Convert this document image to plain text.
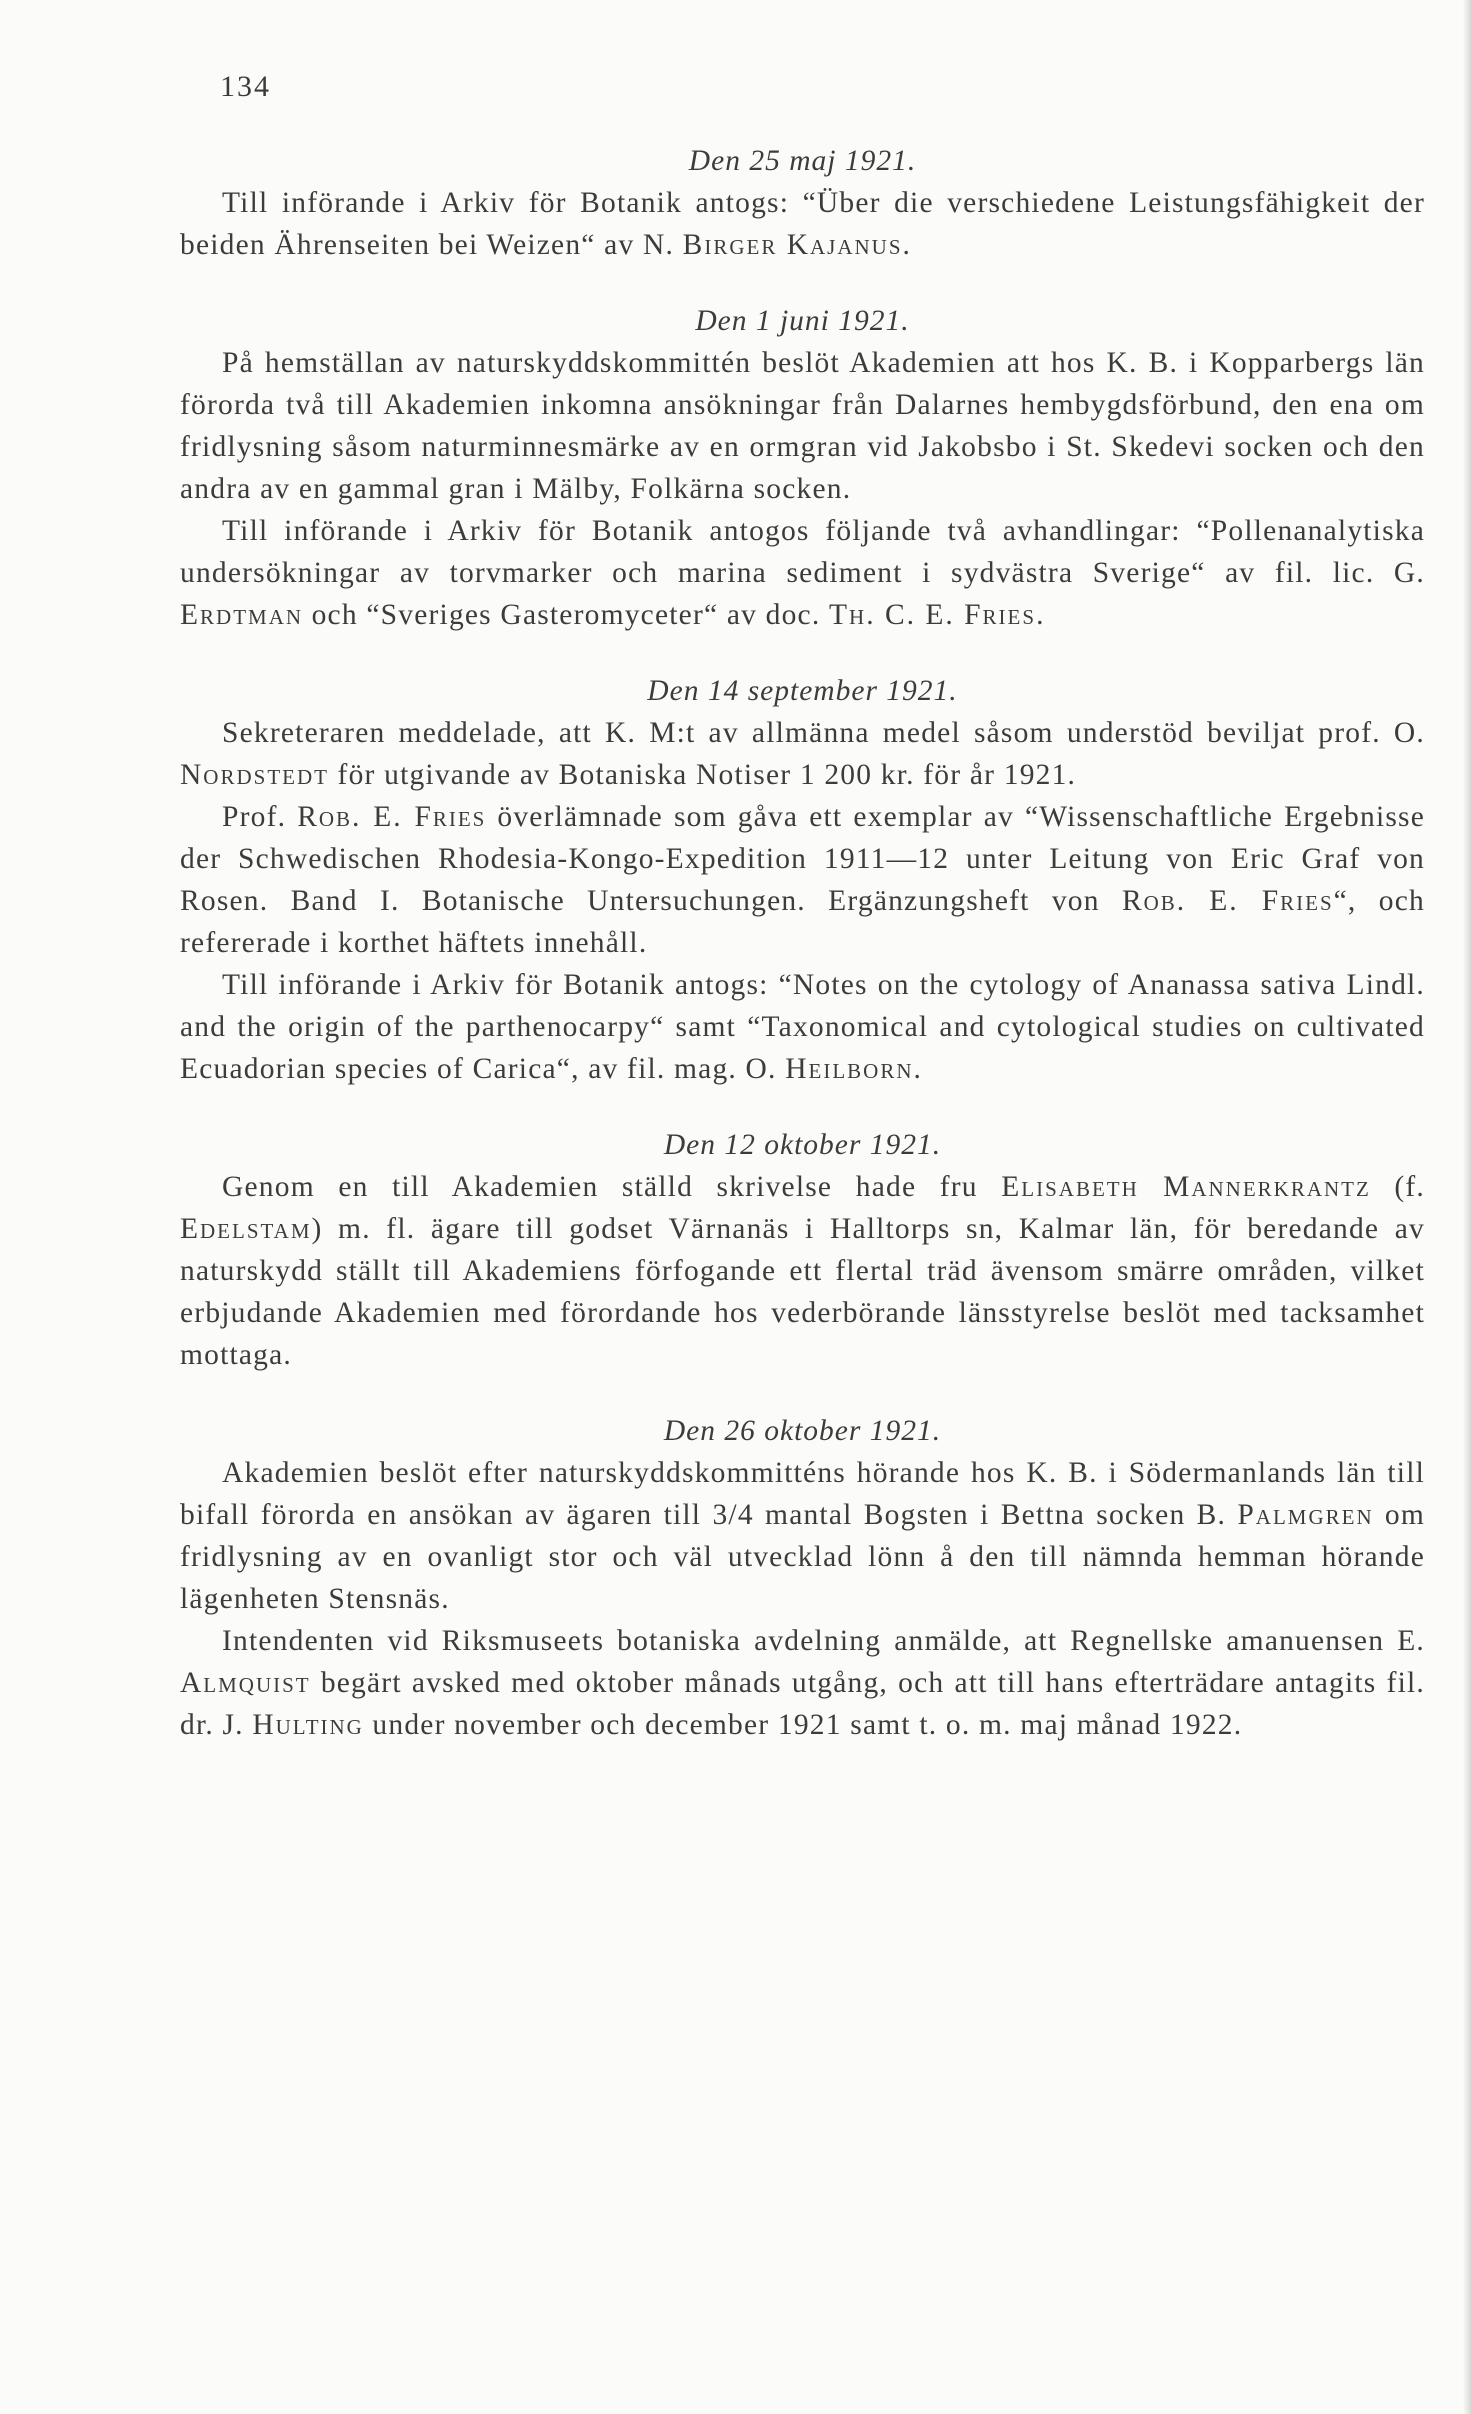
134

Den 25 maj 1921.

Till införande i Arkiv för Botanik antogs: “Über die verschiedene Leistungsfähigkeit der beiden Ährenseiten bei Weizen“ av N. Birger Kajanus.

Den 1 juni 1921.

På hemställan av naturskyddskommittén beslöt Akademien att hos K. B. i Kopparbergs län förorda två till Akademien inkomna ansökningar från Dalarnes hembygdsförbund, den ena om fridlysning såsom naturminnesmärke av en ormgran vid Jakobsbo i St. Skedevi socken och den andra av en gammal gran i Mälby, Folkärna socken.

Till införande i Arkiv för Botanik antogos följande två avhandlingar: “Pollenanalytiska undersökningar av torvmarker och marina sediment i sydvästra Sverige“ av fil. lic. G. Erdtman och “Sveriges Gasteromyceter“ av doc. Th. C. E. Fries.

Den 14 september 1921.

Sekreteraren meddelade, att K. M:t av allmänna medel såsom understöd beviljat prof. O. Nordstedt för utgivande av Botaniska Notiser 1 200 kr. för år 1921.

Prof. Rob. E. Fries överlämnade som gåva ett exemplar av “Wissenschaftliche Ergebnisse der Schwedischen Rhodesia-Kongo-Expedition 1911—12 unter Leitung von Eric Graf von Rosen. Band I. Botanische Untersuchungen. Ergänzungsheft von Rob. E. Fries“, och refererade i korthet häftets innehåll.

Till införande i Arkiv för Botanik antogs: “Notes on the cytology of Ananassa sativa Lindl. and the origin of the parthenocarpy“ samt “Taxonomical and cytological studies on cultivated Ecuadorian species of Carica“, av fil. mag. O. Heilborn.

Den 12 oktober 1921.

Genom en till Akademien ställd skrivelse hade fru Elisabeth Mannerkrantz (f. Edelstam) m. fl. ägare till godset Värnanäs i Halltorps sn, Kalmar län, för beredande av naturskydd ställt till Akademiens förfogande ett flertal träd ävensom smärre områden, vilket erbjudande Akademien med förordande hos vederbörande länsstyrelse beslöt med tacksamhet mottaga.

Den 26 oktober 1921.

Akademien beslöt efter naturskyddskommitténs hörande hos K. B. i Södermanlands län till bifall förorda en ansökan av ägaren till 3/4 mantal Bogsten i Bettna socken B. Palmgren om fridlysning av en ovanligt stor och väl utvecklad lönn å den till nämnda hemman hörande lägenheten Stensnäs.

Intendenten vid Riksmuseets botaniska avdelning anmälde, att Regnellske amanuensen E. Almquist begärt avsked med oktober månads utgång, och att till hans efterträdare antagits fil. dr. J. Hulting under november och december 1921 samt t. o. m. maj månad 1922.
